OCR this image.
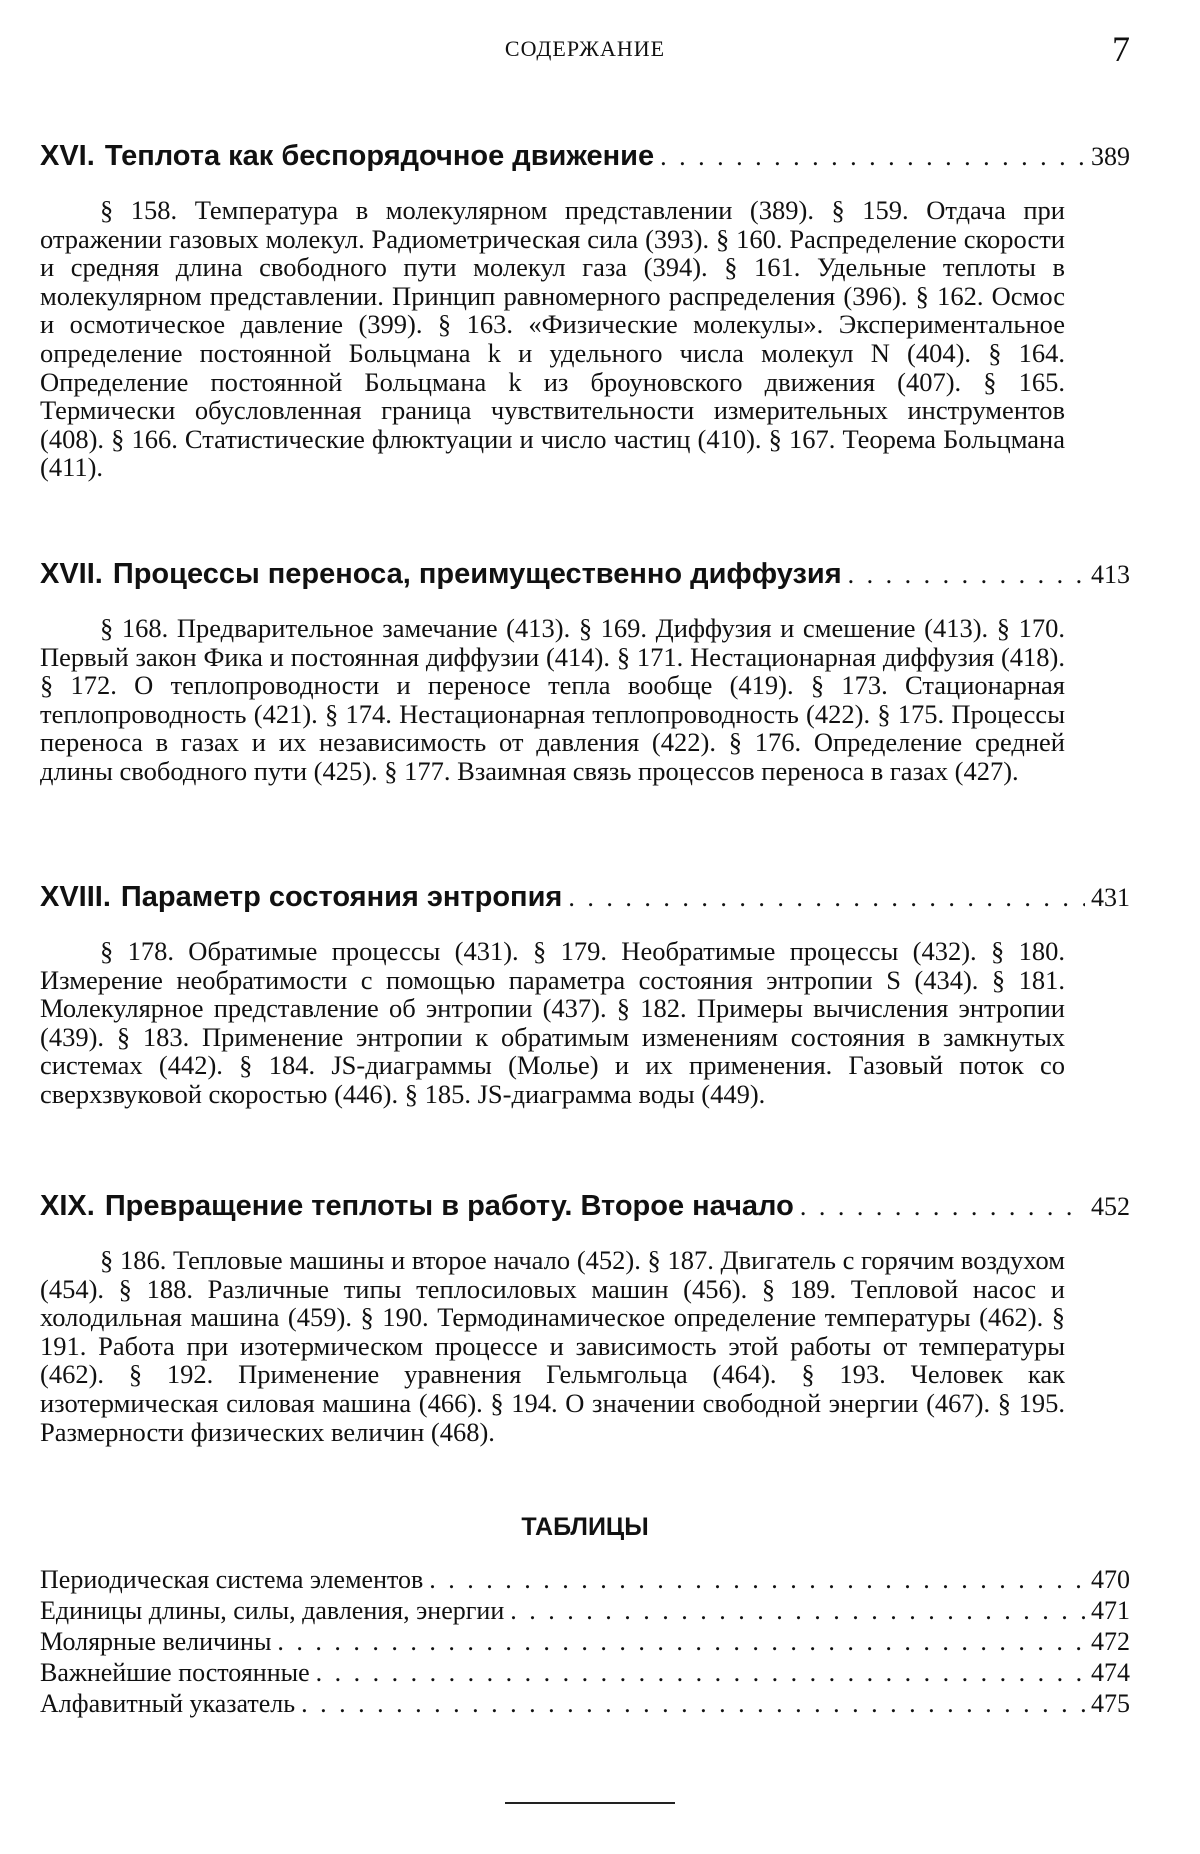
СОДЕРЖАНИЕ	7
XVI. Теплота как беспорядочное движение . . .	389
§ 158. Температура в молекулярном представлении (389). § 159. Отдача при отражении газовых молекул. Радиометрическая сила (393). § 160. Распределение скорости и средняя длина свободного пути молекул газа (394). § 161. Удельные теплоты в молекулярном представлении. Принцип равномерного распределения (396). § 162. Осмос и осмотическое давление (399). § 163. «Физические молекулы». Экспериментальное определение постоянной Больцмана k и удельного числа молекул N (404). § 164. Определение постоянной Больцмана k из броуновского движения (407). § 165. Термически обусловленная граница чувствительности измерительных инструментов (408). § 166. Статистические флюктуации и число частиц (410). § 167. Теорема Больцмана (411).
XVII. Процессы переноса, преимущественно диффузия . . .	413
§ 168. Предварительное замечание (413). § 169. Диффузия и смешение (413). § 170. Первый закон Фика и постоянная диффузии (414). § 171. Нестационарная диффузия (418). § 172. О теплопроводности и переносе тепла вообще (419). § 173. Стационарная теплопроводность (421). § 174. Нестационарная теплопроводность (422). § 175. Процессы переноса в газах и их независимость от давления (422). § 176. Определение средней длины свободного пути (425). § 177. Взаимная связь процессов переноса в газах (427).
XVIII. Параметр состояния энтропия . . .	431
§ 178. Обратимые процессы (431). § 179. Необратимые процессы (432). § 180. Измерение необратимости с помощью параметра состояния энтропии S (434). § 181. Молекулярное представление об энтропии (437). § 182. Примеры вычисления энтропии (439). § 183. Применение энтропии к обратимым изменениям состояния в замкнутых системах (442). § 184. JS-диаграммы (Молье) и их применения. Газовый поток со сверхзвуковой скоростью (446). § 185. JS-диаграмма воды (449).
XIX. Превращение теплоты в работу. Второе начало . . .	452
§ 186. Тепловые машины и второе начало (452). § 187. Двигатель с горячим воздухом (454). § 188. Различные типы теплосиловых машин (456). § 189. Тепловой насос и холодильная машина (459). § 190. Термодинамическое определение температуры (462). § 191. Работа при изотермическом процессе и зависимость этой работы от температуры (462). § 192. Применение уравнения Гельмгольца (464). § 193. Человек как изотермическая силовая машина (466). § 194. О значении свободной энергии (467). § 195. Размерности физических величин (468).
ТАБЛИЦЫ
Периодическая система элементов . . .	470
Единицы длины, силы, давления, энергии . . .	471
Молярные величины . . .	472
Важнейшие постоянные . . .	474
Алфавитный указатель . . .	475
